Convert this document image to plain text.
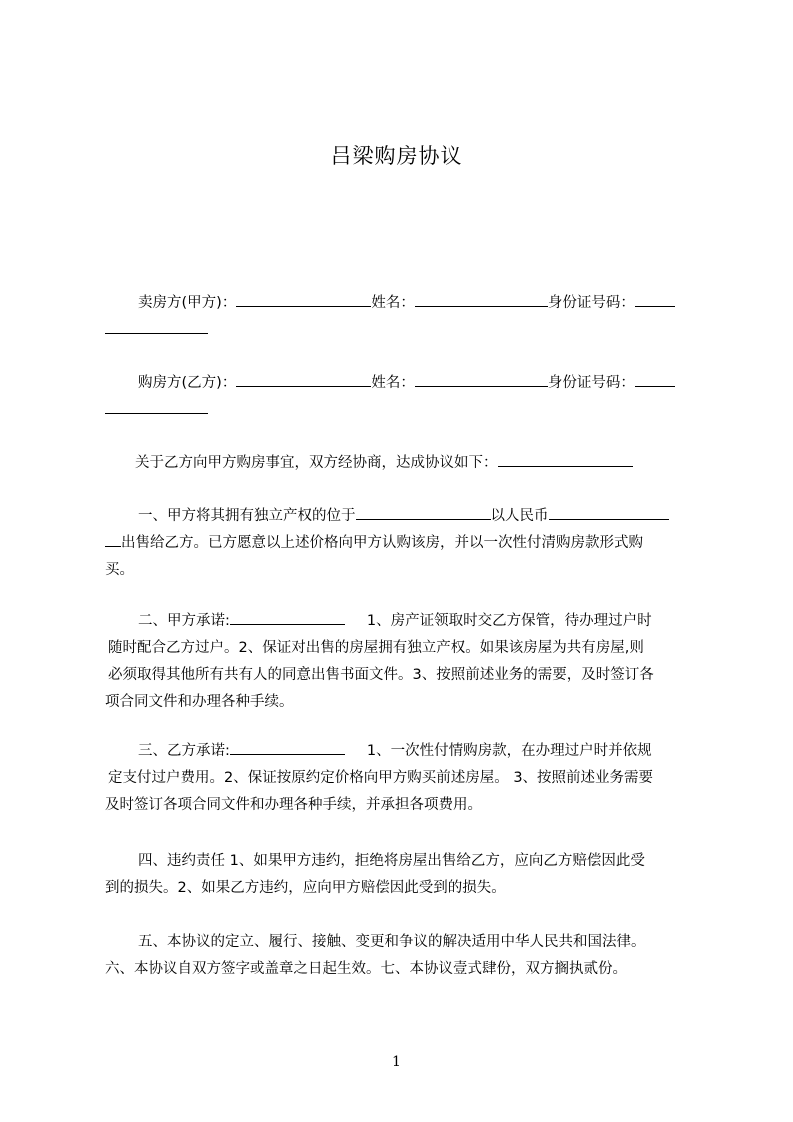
吕梁购房协议
卖房方(甲方)：	姓名：	身份证号码：
购房方(乙方)：	姓名：	身份证号码：
关于乙方向甲方购房事宜，双方经协商，达成协议如下：
一、甲方将其拥有独立产权的位于	以人民币
出售给乙方。已方愿意以上述价格向甲方认购该房，并以一次性付清购房款形式购
买。
二、甲方承诺:	1、房产证领取时交乙方保管，待办理过户时
随时配合乙方过户。2、保证对出售的房屋拥有独立产权。如果该房屋为共有房屋,则
必须取得其他所有共有人的同意出售书面文件。3、按照前述业务的需要，及时签订各
项合同文件和办理各种手续。
三、乙方承诺:	1、一次性付情购房款，在办理过户时并依规
定支付过户费用。2、保证按原约定价格向甲方购买前述房屋。 3、按照前述业务需要
及时签订各项合同文件和办理各种手续，并承担各项费用。
四、违约责任 1、如果甲方违约，拒绝将房屋出售给乙方，应向乙方赔偿因此受
到的损失。2、如果乙方违约，应向甲方赔偿因此受到的损失。
五、本协议的定立、履行、接触、变更和争议的解决适用中华人民共和国法律。
六、本协议自双方签字或盖章之日起生效。七、本协议壹式肆份，双方搁执贰份。
1
